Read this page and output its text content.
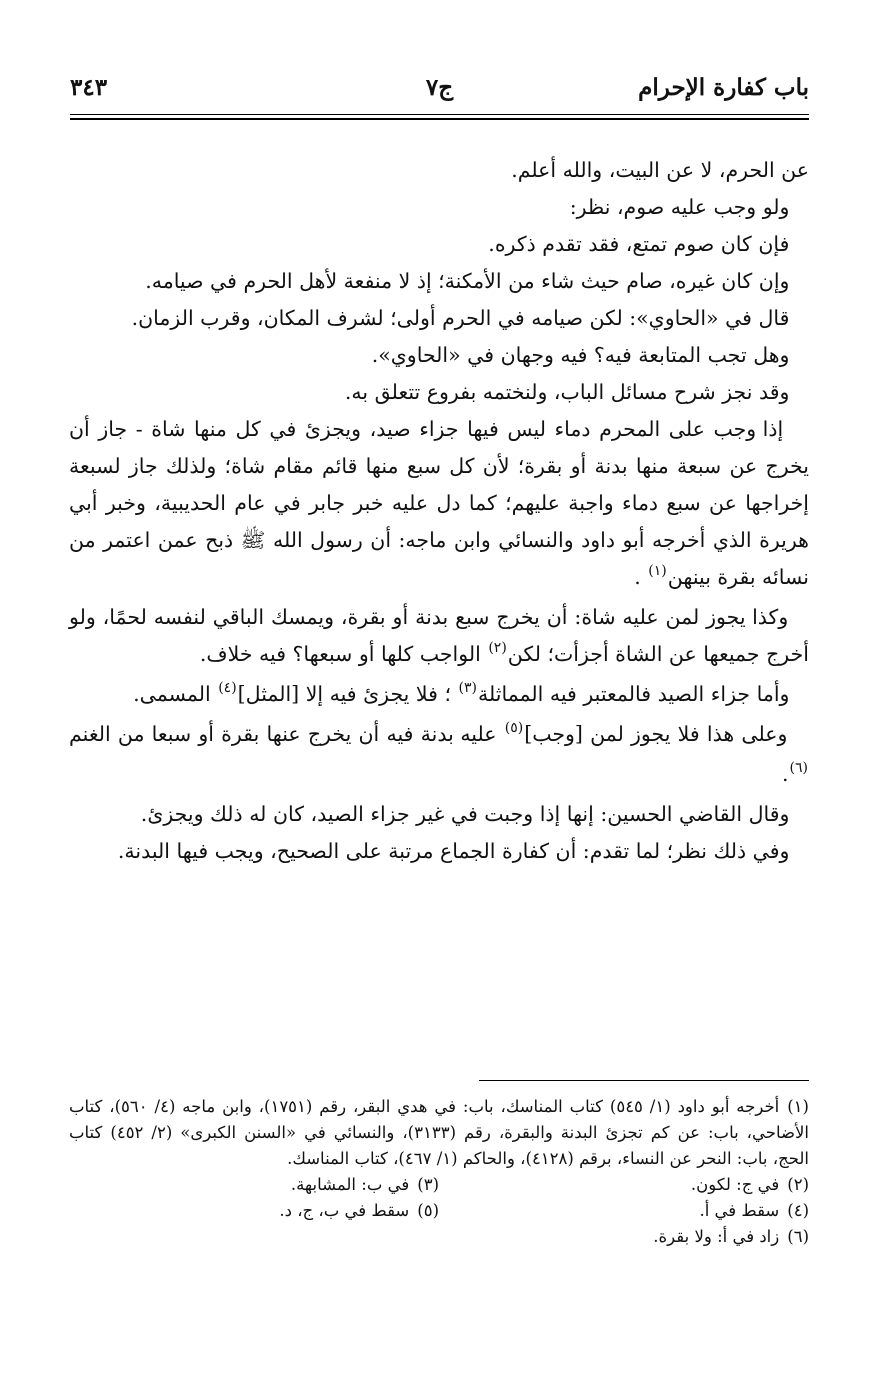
باب كفارة الإحرام
ج٧
٣٤٣

عن الحرم، لا عن البيت، والله أعلم.

ولو وجب عليه صوم، نظر:

فإن كان صوم تمتع، فقد تقدم ذكره.

وإن كان غيره، صام حيث شاء من الأمكنة؛ إذ لا منفعة لأهل الحرم في صيامه.

قال في «الحاوي»: لكن صيامه في الحرم أولى؛ لشرف المكان، وقرب الزمان.

وهل تجب المتابعة فيه؟ فيه وجهان في «الحاوي».

وقد نجز شرح مسائل الباب، ولنختمه بفروع تتعلق به.

إذا وجب على المحرم دماء ليس فيها جزاء صيد، ويجزئ في كل منها شاة - جاز أن يخرج عن سبعة منها بدنة أو بقرة؛ لأن كل سبع منها قائم مقام شاة؛ ولذلك جاز لسبعة إخراجها عن سبع دماء واجبة عليهم؛ كما دل عليه خبر جابر في عام الحديبية، وخبر أبي هريرة الذي أخرجه أبو داود والنسائي وابن ماجه: أن رسول الله ﷺ ذبح عمن اعتمر من نسائه بقرة بينهن(١) .

وكذا يجوز لمن عليه شاة: أن يخرج سبع بدنة أو بقرة، ويمسك الباقي لنفسه لحمًا، ولو أخرج جميعها عن الشاة أجزأت؛ لكن(٢) الواجب كلها أو سبعها؟ فيه خلاف.

وأما جزاء الصيد فالمعتبر فيه المماثلة(٣) ؛ فلا يجزئ فيه إلا [المثل](٤) المسمى.

وعلى هذا فلا يجوز لمن [وجب](٥) عليه بدنة فيه أن يخرج عنها بقرة أو سبعا من الغنم(٦).

وقال القاضي الحسين: إنها إذا وجبت في غير جزاء الصيد، كان له ذلك ويجزئ.

وفي ذلك نظر؛ لما تقدم: أن كفارة الجماع مرتبة على الصحيح، ويجب فيها البدنة.

(١)أخرجه أبو داود (١/ ٥٤٥) كتاب المناسك، باب: في هدي البقر، رقم (١٧٥١)، وابن ماجه (٤/ ٥٦٠)، كتاب الأضاحي، باب: عن كم تجزئ البدنة والبقرة، رقم (٣١٣٣)، والنسائي في «السنن الكبرى» (٢/ ٤٥٢) كتاب الحج، باب: النحر عن النساء، برقم (٤١٢٨)، والحاكم (١/ ٤٦٧)، كتاب المناسك.

(٢)في ج: لكون.
(٣)في ب: المشابهة.
(٤)سقط في أ.
(٥)سقط في ب، ج، د.

(٦)زاد في أ: ولا بقرة.
